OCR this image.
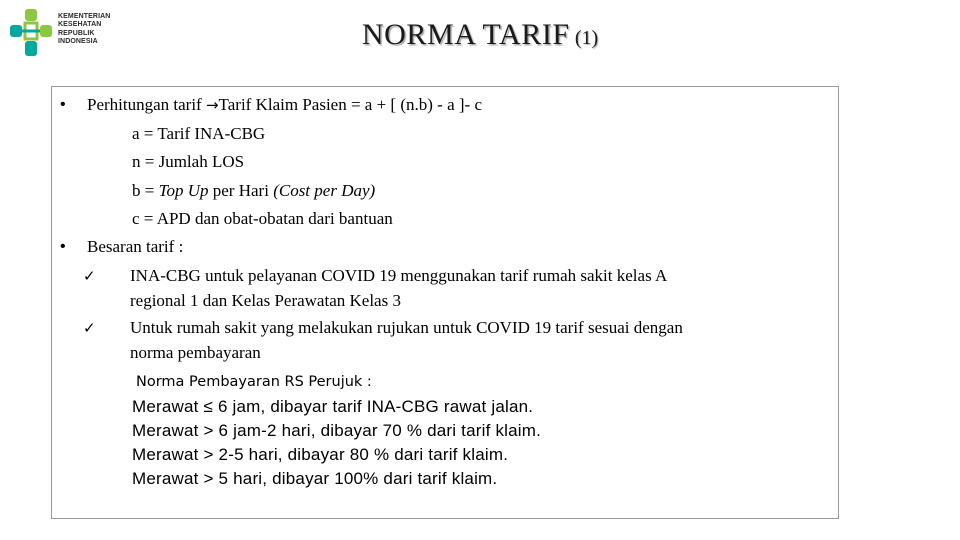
KEMENTERIAN
KESEHATAN
REPUBLIK
INDONESIA	NORMA TARIF (1)
• Perhitungan tarif →Tarif Klaim Pasien = a + [ (n.b) - a ]- c
a = Tarif INA-CBG
n = Jumlah LOS
b = Top Up per Hari (Cost per Day)
c = APD dan obat-obatan dari bantuan
• Besaran tarif :
✓ INA-CBG untuk pelayanan COVID 19 menggunakan tarif rumah sakit kelas A
regional 1 dan Kelas Perawatan Kelas 3
✓ Untuk rumah sakit yang melakukan rujukan untuk COVID 19 tarif sesuai dengan
norma pembayaran
Norma Pembayaran RS Perujuk :
Merawat ≤ 6 jam, dibayar tarif INA-CBG rawat jalan.
Merawat > 6 jam-2 hari, dibayar 70 % dari tarif klaim.
Merawat > 2-5 hari, dibayar 80 % dari tarif klaim.
Merawat > 5 hari, dibayar 100% dari tarif klaim.
